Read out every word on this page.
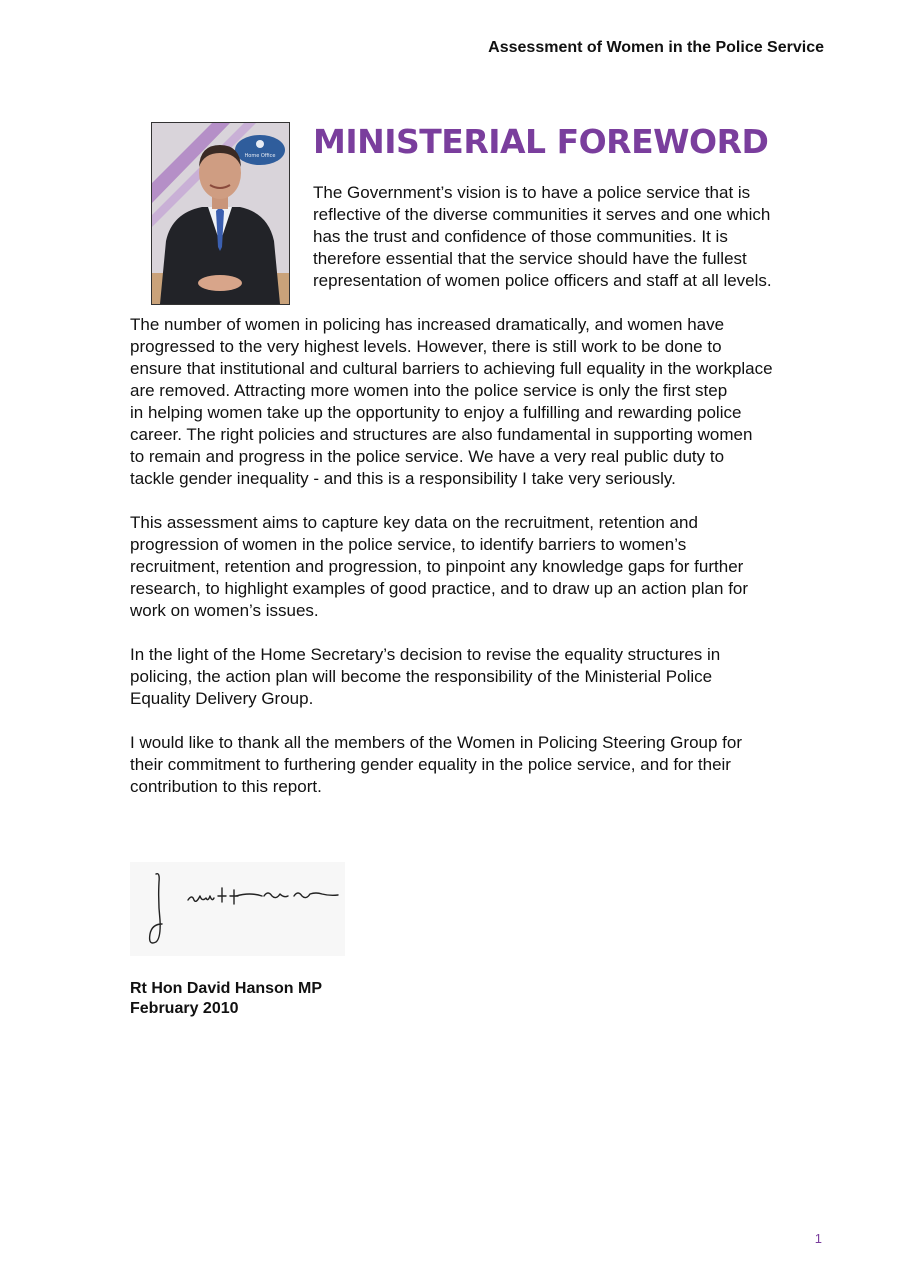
Assessment of Women in the Police Service
Home Office MINISTERIAL FOREWORD

The Government’s vision is to have a police service that is
reflective of the diverse communities it serves and one which
has the trust and confidence of those communities. It is
therefore essential that the service should have the fullest
representation of women police officers and staff at all levels.

The number of women in policing has increased dramatically, and women have
progressed to the very highest levels. However, there is still work to be done to
ensure that institutional and cultural barriers to achieving full equality in the workplace
are removed. Attracting more women into the police service is only the first step
in helping women take up the opportunity to enjoy a fulfilling and rewarding police
career. The right policies and structures are also fundamental in supporting women
to remain and progress in the police service. We have a very real public duty to
tackle gender inequality - and this is a responsibility I take very seriously.

This assessment aims to capture key data on the recruitment, retention and
progression of women in the police service, to identify barriers to women’s
recruitment, retention and progression, to pinpoint any knowledge gaps for further
research, to highlight examples of good practice, and to draw up an action plan for
work on women’s issues.

In the light of the Home Secretary’s decision to revise the equality structures in
policing, the action plan will become the responsibility of the Ministerial Police
Equality Delivery Group.

I would like to thank all the members of the Women in Policing Steering Group for
their commitment to furthering gender equality in the police service, and for their
contribution to this report.

Rt Hon David Hanson MP
February 2010
1
